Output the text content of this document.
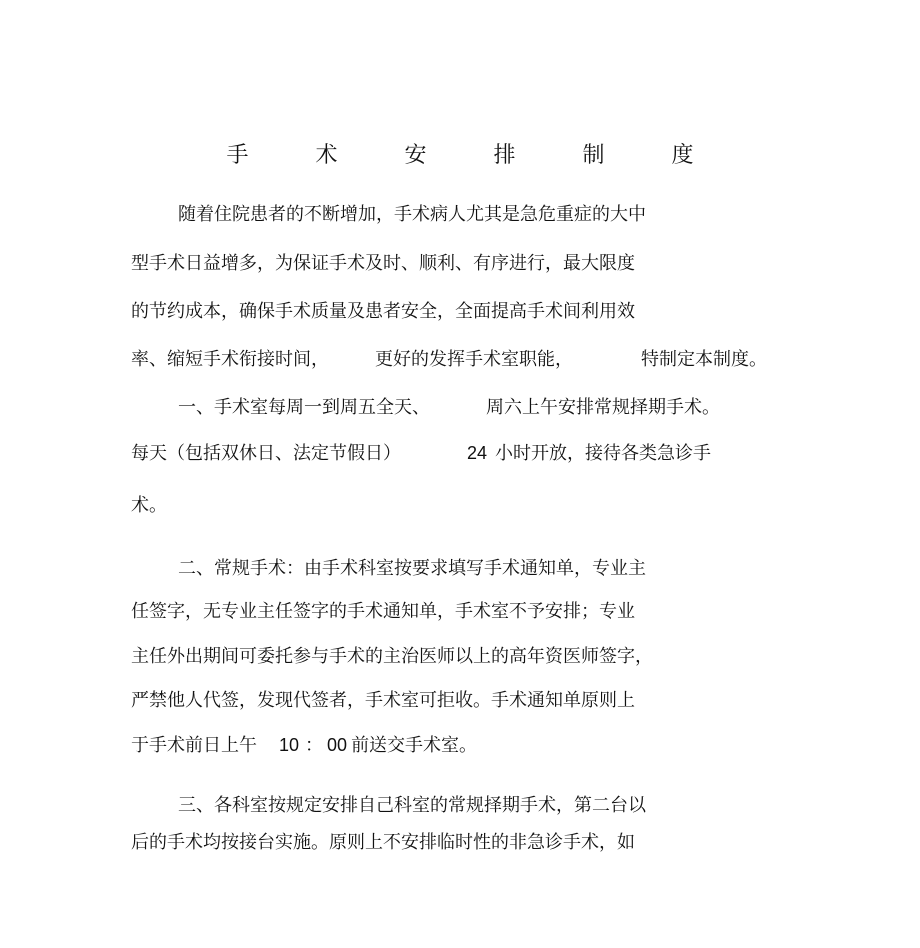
手 术 安 排 制 度
随着住院患者的不断增加，手术病人尤其是急危重症的大中
型手术日益增多，为保证手术及时、顺利、有序进行，最大限度
的节约成本，确保手术质量及患者安全，全面提高手术间利用效
率、缩短手术衔接时间，	更好的发挥手术室职能，	特制定本制度。
一、手术室每周一到周五全天、	周六上午安排常规择期手术。
每天（包括双休日、法定节假日）	24 小时开放，接待各类急诊手
术。
二、常规手术：由手术科室按要求填写手术通知单，专业主
任签字，无专业主任签字的手术通知单，手术室不予安排；专业
主任外出期间可委托参与手术的主治医师以上的高年资医师签字，
严禁他人代签，发现代签者，手术室可拒收。手术通知单原则上
于手术前日上午 10 ： 00 前送交手术室。
三、各科室按规定安排自己科室的常规择期手术，第二台以
后的手术均按接台实施。原则上不安排临时性的非急诊手术，如
